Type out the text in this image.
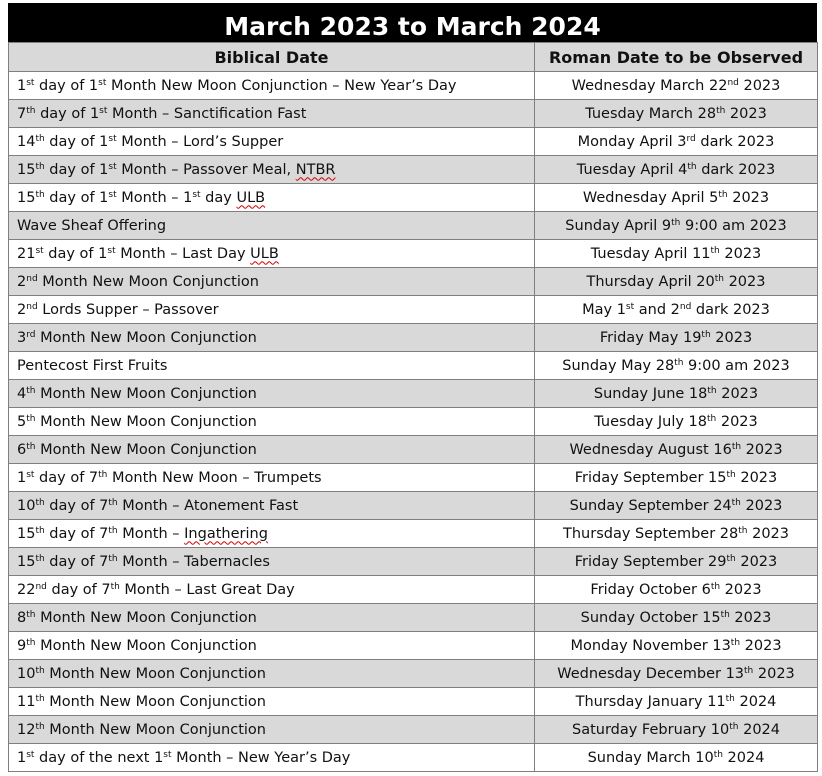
March 2023 to March 2024
Biblical Date	Roman Date to be Observed
1st day of 1st Month New Moon Conjunction – New Year’s Day	Wednesday March 22nd 2023
7th day of 1st Month – Sanctification Fast	Tuesday March 28th 2023
14th day of 1st Month – Lord’s Supper	Monday April 3rd dark 2023
15th day of 1st Month – Passover Meal, NTBR	Tuesday April 4th dark 2023
15th day of 1st Month – 1st day ULB	Wednesday April 5th 2023
Wave Sheaf Offering	Sunday April 9th 9:00 am 2023
21st day of 1st Month – Last Day ULB	Tuesday April 11th 2023
2nd Month New Moon Conjunction	Thursday April 20th 2023
2nd Lords Supper – Passover	May 1st and 2nd dark 2023
3rd Month New Moon Conjunction	Friday May 19th 2023
Pentecost First Fruits	Sunday May 28th 9:00 am 2023
4th Month New Moon Conjunction	Sunday June 18th 2023
5th Month New Moon Conjunction	Tuesday July 18th 2023
6th Month New Moon Conjunction	Wednesday August 16th 2023
1st day of 7th Month New Moon – Trumpets	Friday September 15th 2023
10th day of 7th Month – Atonement Fast	Sunday September 24th 2023
15th day of 7th Month – Ingathering	Thursday September 28th 2023
15th day of 7th Month – Tabernacles	Friday September 29th 2023
22nd day of 7th Month – Last Great Day	Friday October 6th 2023
8th Month New Moon Conjunction	Sunday October 15th 2023
9th Month New Moon Conjunction	Monday November 13th 2023
10th Month New Moon Conjunction	Wednesday December 13th 2023
11th Month New Moon Conjunction	Thursday January 11th 2024
12th Month New Moon Conjunction	Saturday February 10th 2024
1st day of the next 1st Month – New Year’s Day	Sunday March 10th 2024
